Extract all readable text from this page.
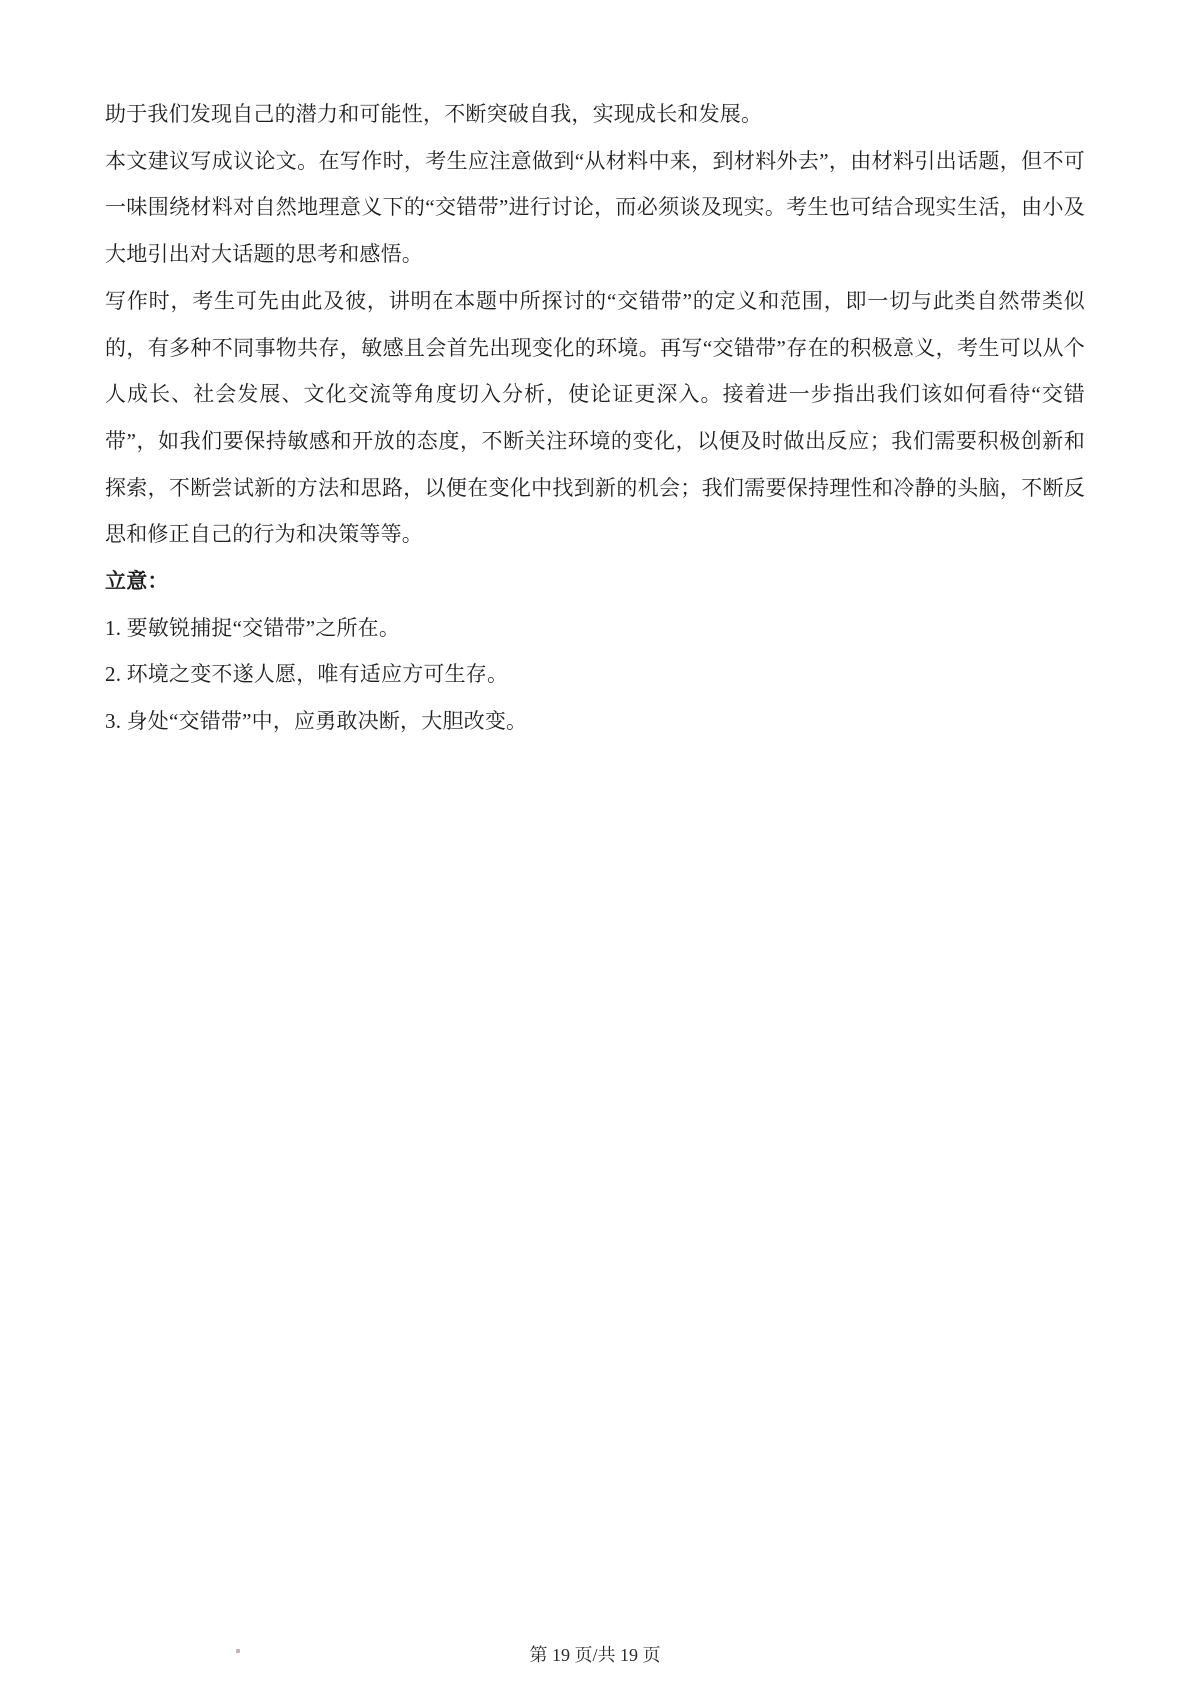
助于我们发现自己的潜力和可能性，不断突破自我，实现成长和发展。

本文建议写成议论文。在写作时，考生应注意做到“从材料中来，到材料外去”，由材料引出话题，但不可一味围绕材料对自然地理意义下的“交错带”进行讨论，而必须谈及现实。考生也可结合现实生活，由小及大地引出对大话题的思考和感悟。

写作时，考生可先由此及彼，讲明在本题中所探讨的“交错带”的定义和范围，即一切与此类自然带类似的，有多种不同事物共存，敏感且会首先出现变化的环境。再写“交错带”存在的积极意义，考生可以从个人成长、社会发展、文化交流等角度切入分析，使论证更深入。接着进一步指出我们该如何看待“交错带”，如我们要保持敏感和开放的态度，不断关注环境的变化，以便及时做出反应；我们需要积极创新和探索，不断尝试新的方法和思路，以便在变化中找到新的机会；我们需要保持理性和冷静的头脑，不断反思和修正自己的行为和决策等等。

立意：

1. 要敏锐捕捉“交错带”之所在。

2. 环境之变不遂人愿，唯有适应方可生存。

3. 身处“交错带”中，应勇敢决断，大胆改变。

第 19 页/共 19 页
